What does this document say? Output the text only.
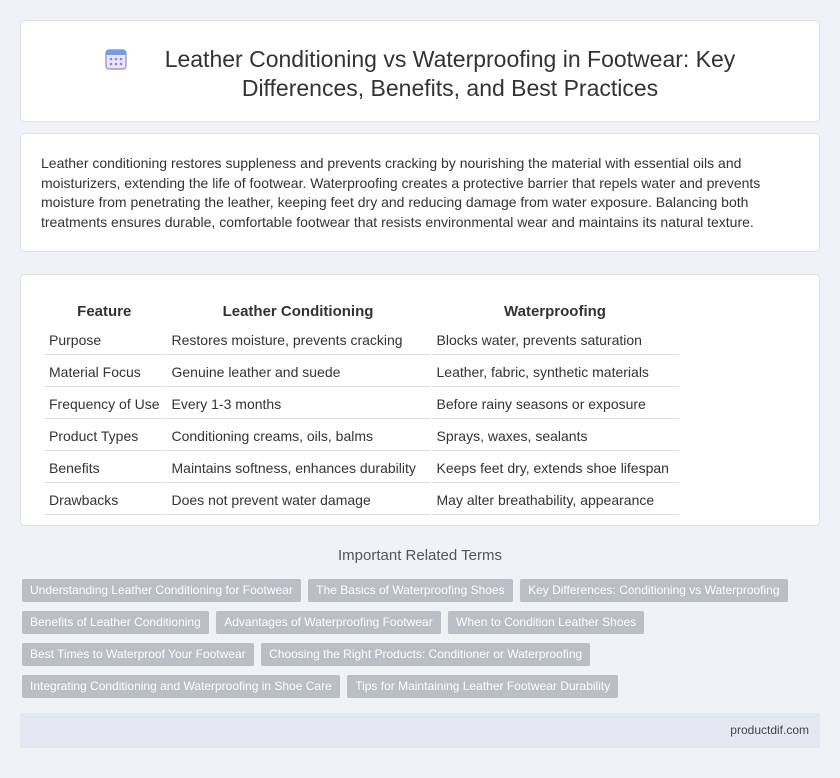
Leather Conditioning vs Waterproofing in Footwear: Key Differences, Benefits, and Best Practices

Leather conditioning restores suppleness and prevents cracking by nourishing the material with essential oils and moisturizers, extending the life of footwear. Waterproofing creates a protective barrier that repels water and prevents moisture from penetrating the leather, keeping feet dry and reducing damage from water exposure. Balancing both treatments ensures durable, comfortable footwear that resists environmental wear and maintains its natural texture.

Feature	Leather Conditioning	Waterproofing
Purpose	Restores moisture, prevents cracking	Blocks water, prevents saturation
Material Focus	Genuine leather and suede	Leather, fabric, synthetic materials
Frequency of Use	Every 1-3 months	Before rainy seasons or exposure
Product Types	Conditioning creams, oils, balms	Sprays, waxes, sealants
Benefits	Maintains softness, enhances durability	Keeps feet dry, extends shoe lifespan
Drawbacks	Does not prevent water damage	May alter breathability, appearance
Important Related Terms
Understanding Leather Conditioning for Footwear The Basics of Waterproofing Shoes Key Differences: Conditioning vs Waterproofing
Benefits of Leather Conditioning Advantages of Waterproofing Footwear When to Condition Leather Shoes
Best Times to Waterproof Your Footwear Choosing the Right Products: Conditioner or Waterproofing
Integrating Conditioning and Waterproofing in Shoe Care Tips for Maintaining Leather Footwear Durability
productdif.com
